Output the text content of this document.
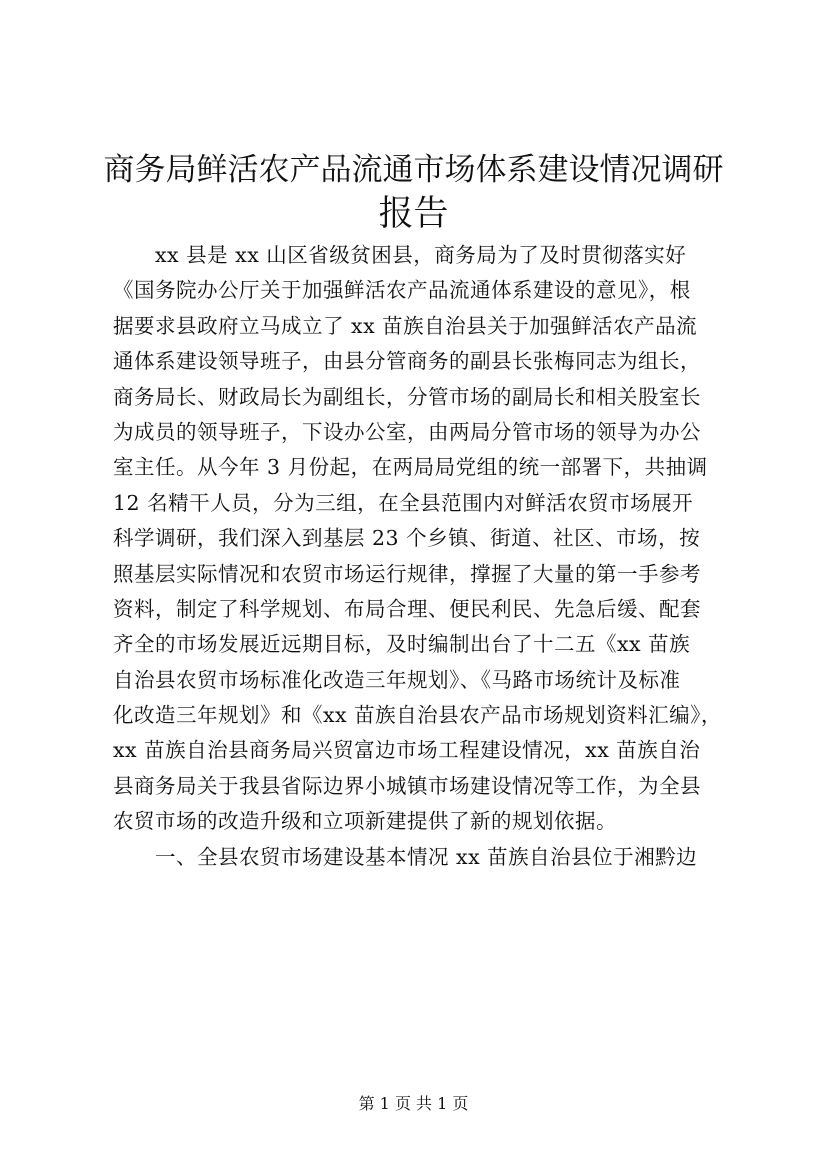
商务局鲜活农产品流通市场体系建设情况调研
报告
xx 县是 xx 山区省级贫困县，商务局为了及时贯彻落实好
《国务院办公厅关于加强鲜活农产品流通体系建设的意见》，根
据要求县政府立马成立了 xx 苗族自治县关于加强鲜活农产品流
通体系建设领导班子，由县分管商务的副县长张梅同志为组长，
商务局长、财政局长为副组长，分管市场的副局长和相关股室长
为成员的领导班子，下设办公室，由两局分管市场的领导为办公
室主任。从今年 3 月份起，在两局局党组的统一部署下，共抽调
12 名精干人员，分为三组，在全县范围内对鲜活农贸市场展开
科学调研，我们深入到基层 23 个乡镇、街道、社区、市场，按
照基层实际情况和农贸市场运行规律，撑握了大量的第一手参考
资料，制定了科学规划、布局合理、便民利民、先急后缓、配套
齐全的市场发展近远期目标，及时编制出台了十二五《xx 苗族
自治县农贸市场标准化改造三年规划》、《马路市场统计及标准
化改造三年规划》和《xx 苗族自治县农产品市场规划资料汇编》，
xx 苗族自治县商务局兴贸富边市场工程建设情况，xx 苗族自治
县商务局关于我县省际边界小城镇市场建设情况等工作，为全县
农贸市场的改造升级和立项新建提供了新的规划依据。
一、全县农贸市场建设基本情况 xx 苗族自治县位于湘黔边
第 1 页 共 1 页
